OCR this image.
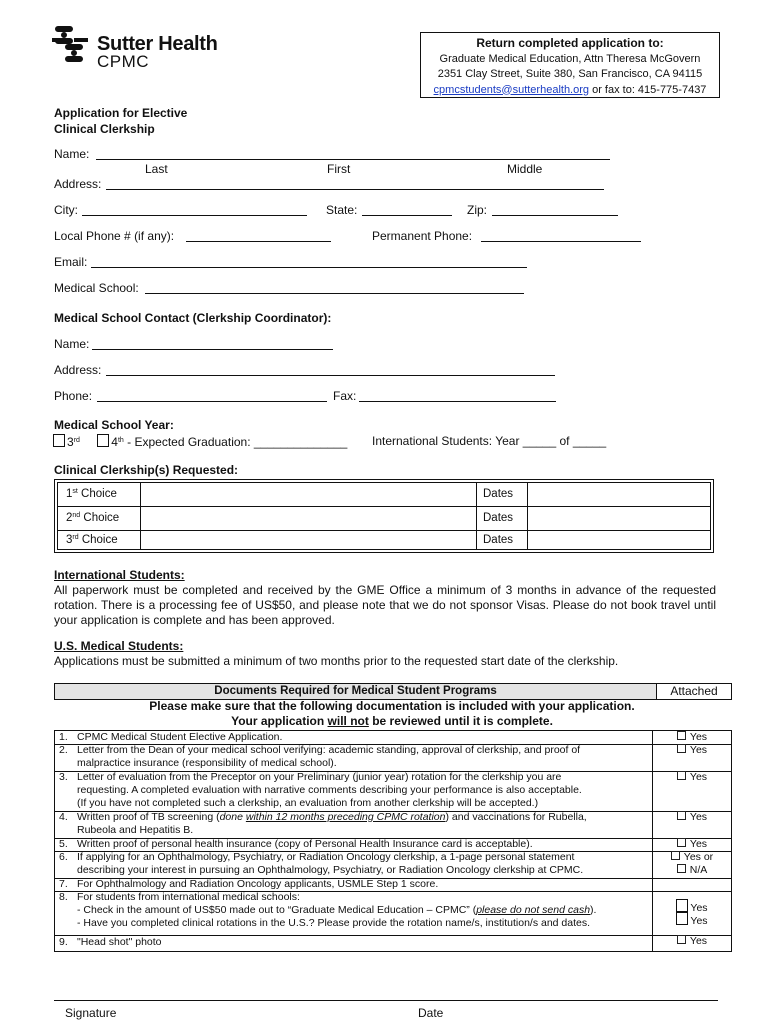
Sutter Health
CPMC
Return completed application to:
Graduate Medical Education, Attn Theresa McGovern
2351 Clay Street, Suite 380, San Francisco, CA 94115
cpmcstudents@sutterhealth.org or fax to: 415-775-7437
Application for Elective
Clinical Clerkship
Name:
Last	First	Middle
Address:
City:	State:	Zip:
Local Phone # (if any):	Permanent Phone:
Email:
Medical School:
Medical School Contact (Clerkship Coordinator):
Name:
Address:
Phone:	Fax:
Medical School Year:
3rd	4th - Expected Graduation: ______________ International Students: Year _____ of _____
Clinical Clerkship(s) Requested:
1st Choice	Dates
2nd Choice	Dates
3rd Choice	Dates
International Students:
All paperwork must be completed and received by the GME Office a minimum of 3 months in advance of the requested rotation. There is a processing fee of US$50, and please note that we do not sponsor Visas. Please do not book travel until your application is complete and has been approved.
U.S. Medical Students:
Applications must be submitted a minimum of two months prior to the requested start date of the clerkship.
Documents Required for Medical Student Programs	Attached
Please make sure that the following documentation is included with your application.
Your application will not be reviewed until it is complete.
1. CPMC Medical Student Elective Application.	Yes
2. Letter from the Dean of your medical school verifying: academic standing, approval of clerkship, and proof of
malpractice insurance (responsibility of medical school).
Yes
3. Letter of evaluation from the Preceptor on your Preliminary (junior year) rotation for the clerkship you are
requesting. A completed evaluation with narrative comments describing your performance is also acceptable.
(If you have not completed such a clerkship, an evaluation from another clerkship will be accepted.)
Yes
4. Written proof of TB screening (done within 12 months preceding CPMC rotation) and vaccinations for Rubella,
Rubeola and Hepatitis B.
Yes
5. Written proof of personal health insurance (copy of Personal Health Insurance card is acceptable).	Yes
6. If applying for an Ophthalmology, Psychiatry, or Radiation Oncology clerkship, a 1-page personal statement
describing your interest in pursuing an Ophthalmology, Psychiatry, or Radiation Oncology clerkship at CPMC.
Yes or
N/A
7. For Ophthalmology and Radiation Oncology applicants, USMLE Step 1 score.
8. For students from international medical schools:
- Check in the amount of US$50 made out to “Graduate Medical Education – CPMC” (please do not send cash).
- Have you completed clinical rotations in the U.S.? Please provide the rotation name/s, institution/s and dates.
Yes
Yes
9. "Head shot" photo	Yes
Signature	Date
